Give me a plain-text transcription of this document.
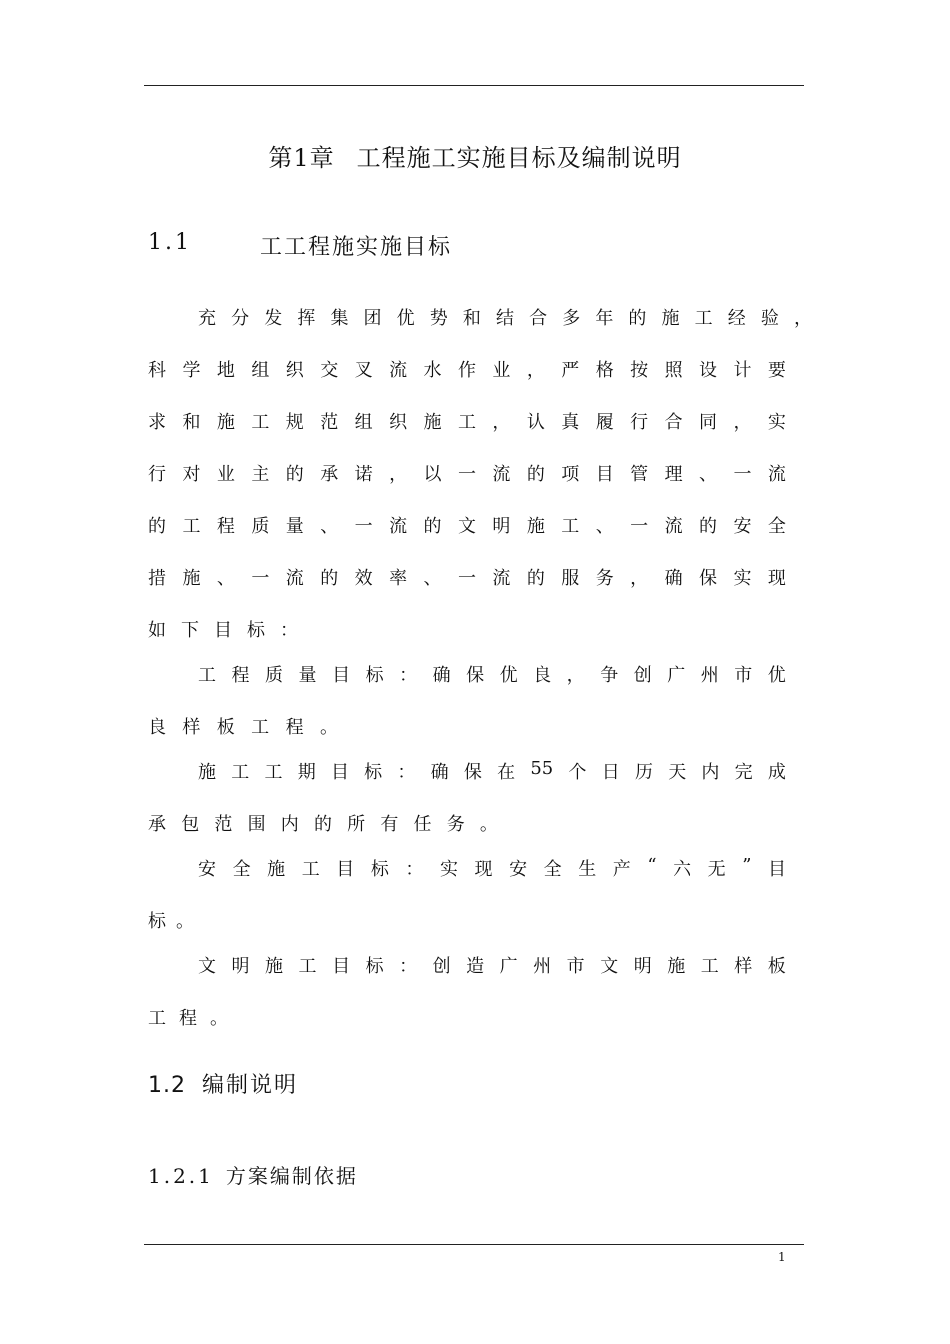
第1章 工程施工实施目标及编制说明
1.1	工工程施实施目标
充 分 发 挥 集 团 优 势 和 结 合 多 年 的 施 工 经 验 ，
科 学 地 组 织 交 叉 流 水 作 业 ， 严 格 按 照 设 计 要
求 和 施 工 规 范 组 织 施 工 ， 认 真 履 行 合 同 ， 实
行 对 业 主 的 承 诺 ， 以 一 流 的 项 目 管 理 、 一 流
的 工 程 质 量 、 一 流 的 文 明 施 工 、 一 流 的 安 全
措 施 、 一 流 的 效 率 、 一 流 的 服 务 ， 确 保 实 现
如 下 目 标 ：
工 程 质 量 目 标 ： 确 保 优 良 ， 争 创 广 州 市 优
良 样 板 工 程 。
施 工 工 期 目 标 ： 确 保 在 55 个 日 历 天 内 完 成
承 包 范 围 内 的 所 有 任 务 。
安 全 施 工 目 标 ： 实 现 安 全 生 产 “ 六 无 ” 目
标 。
文 明 施 工 目 标 ： 创 造 广 州 市 文 明 施 工 样 板
工 程 。
1.2 编制说明
1.2.1 方案编制依据
1
